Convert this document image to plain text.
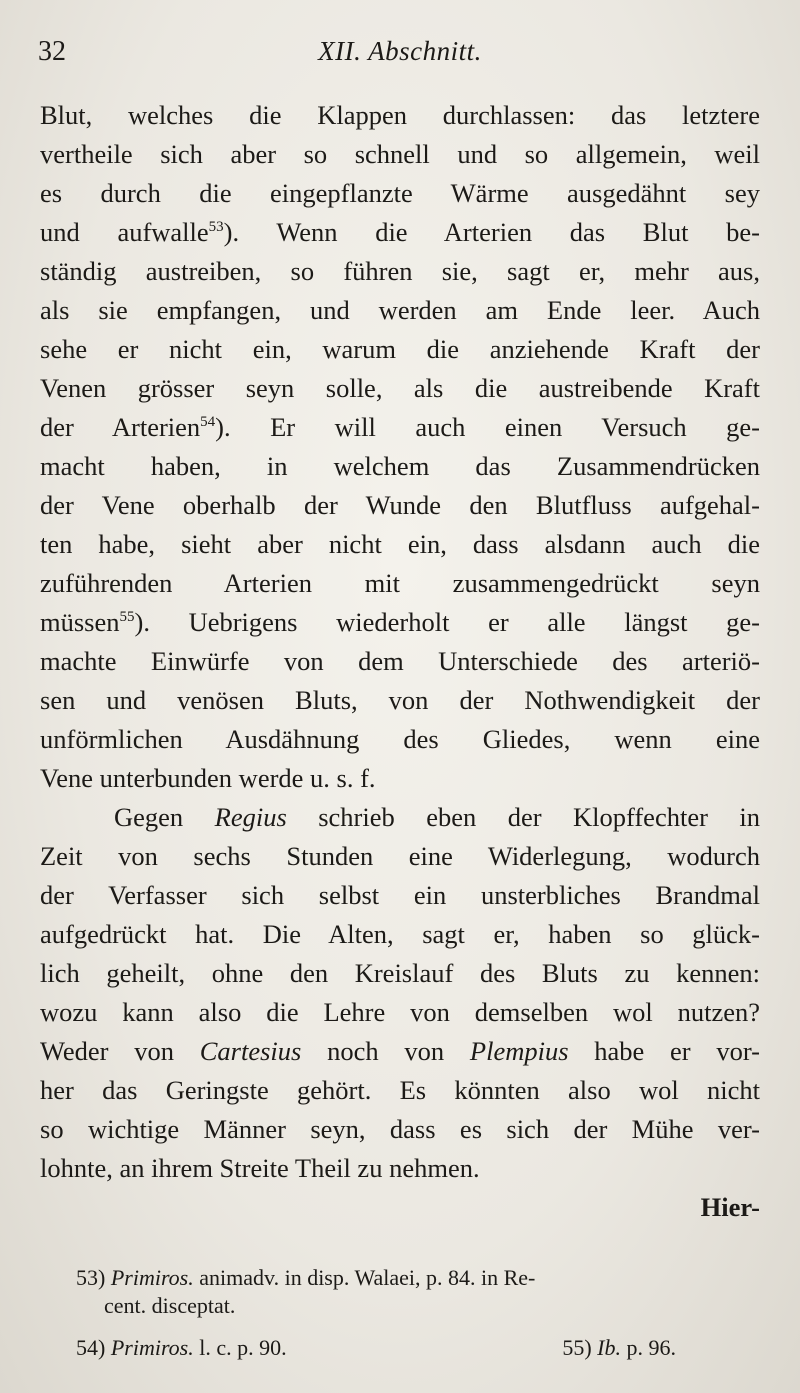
32	XII. Abschnitt.
Blut, welches die Klappen durchlassen: das letztere
vertheile sich aber so schnell und so allgemein, weil
es durch die eingepflanzte Wärme ausgedähnt sey
und aufwalle$^{53}$). Wenn die Arterien das Blut be-
ständig austreiben, so führen sie, sagt er, mehr aus,
als sie empfangen, und werden am Ende leer. Auch
sehe er nicht ein, warum die anziehende Kraft der
Venen grösser seyn solle, als die austreibende Kraft
der Arterien$^{54}$). Er will auch einen Versuch ge-
macht haben, in welchem das Zusammendrücken
der Vene oberhalb der Wunde den Blutfluss aufgehal-
ten habe, sieht aber nicht ein, dass alsdann auch die
zuführenden Arterien mit zusammengedrückt seyn
müssen$^{55}$). Uebrigens wiederholt er alle längst ge-
machte Einwürfe von dem Unterschiede des arteriö-
sen und venösen Bluts, von der Nothwendigkeit der
unförmlichen Ausdähnung des Gliedes, wenn eine
Vene unterbunden werde u. s. f.
Gegen Regius schrieb eben der Klopffechter in
Zeit von sechs Stunden eine Widerlegung, wodurch
der Verfasser sich selbst ein unsterbliches Brandmal
aufgedrückt hat. Die Alten, sagt er, haben so glück-
lich geheilt, ohne den Kreislauf des Bluts zu kennen:
wozu kann also die Lehre von demselben wol nutzen?
Weder von Cartesius noch von Plempius habe er vor-
her das Geringste gehört. Es könnten also wol nicht
so wichtige Männer seyn, dass es sich der Mühe ver-
lohnte, an ihrem Streite Theil zu nehmen.
Hier-
53) Primiros. animadv. in disp. Walaei, p. 84. in Re-
cent. disceptat.
54) Primiros. l. c. p. 90.	55) Ib. p. 96.
